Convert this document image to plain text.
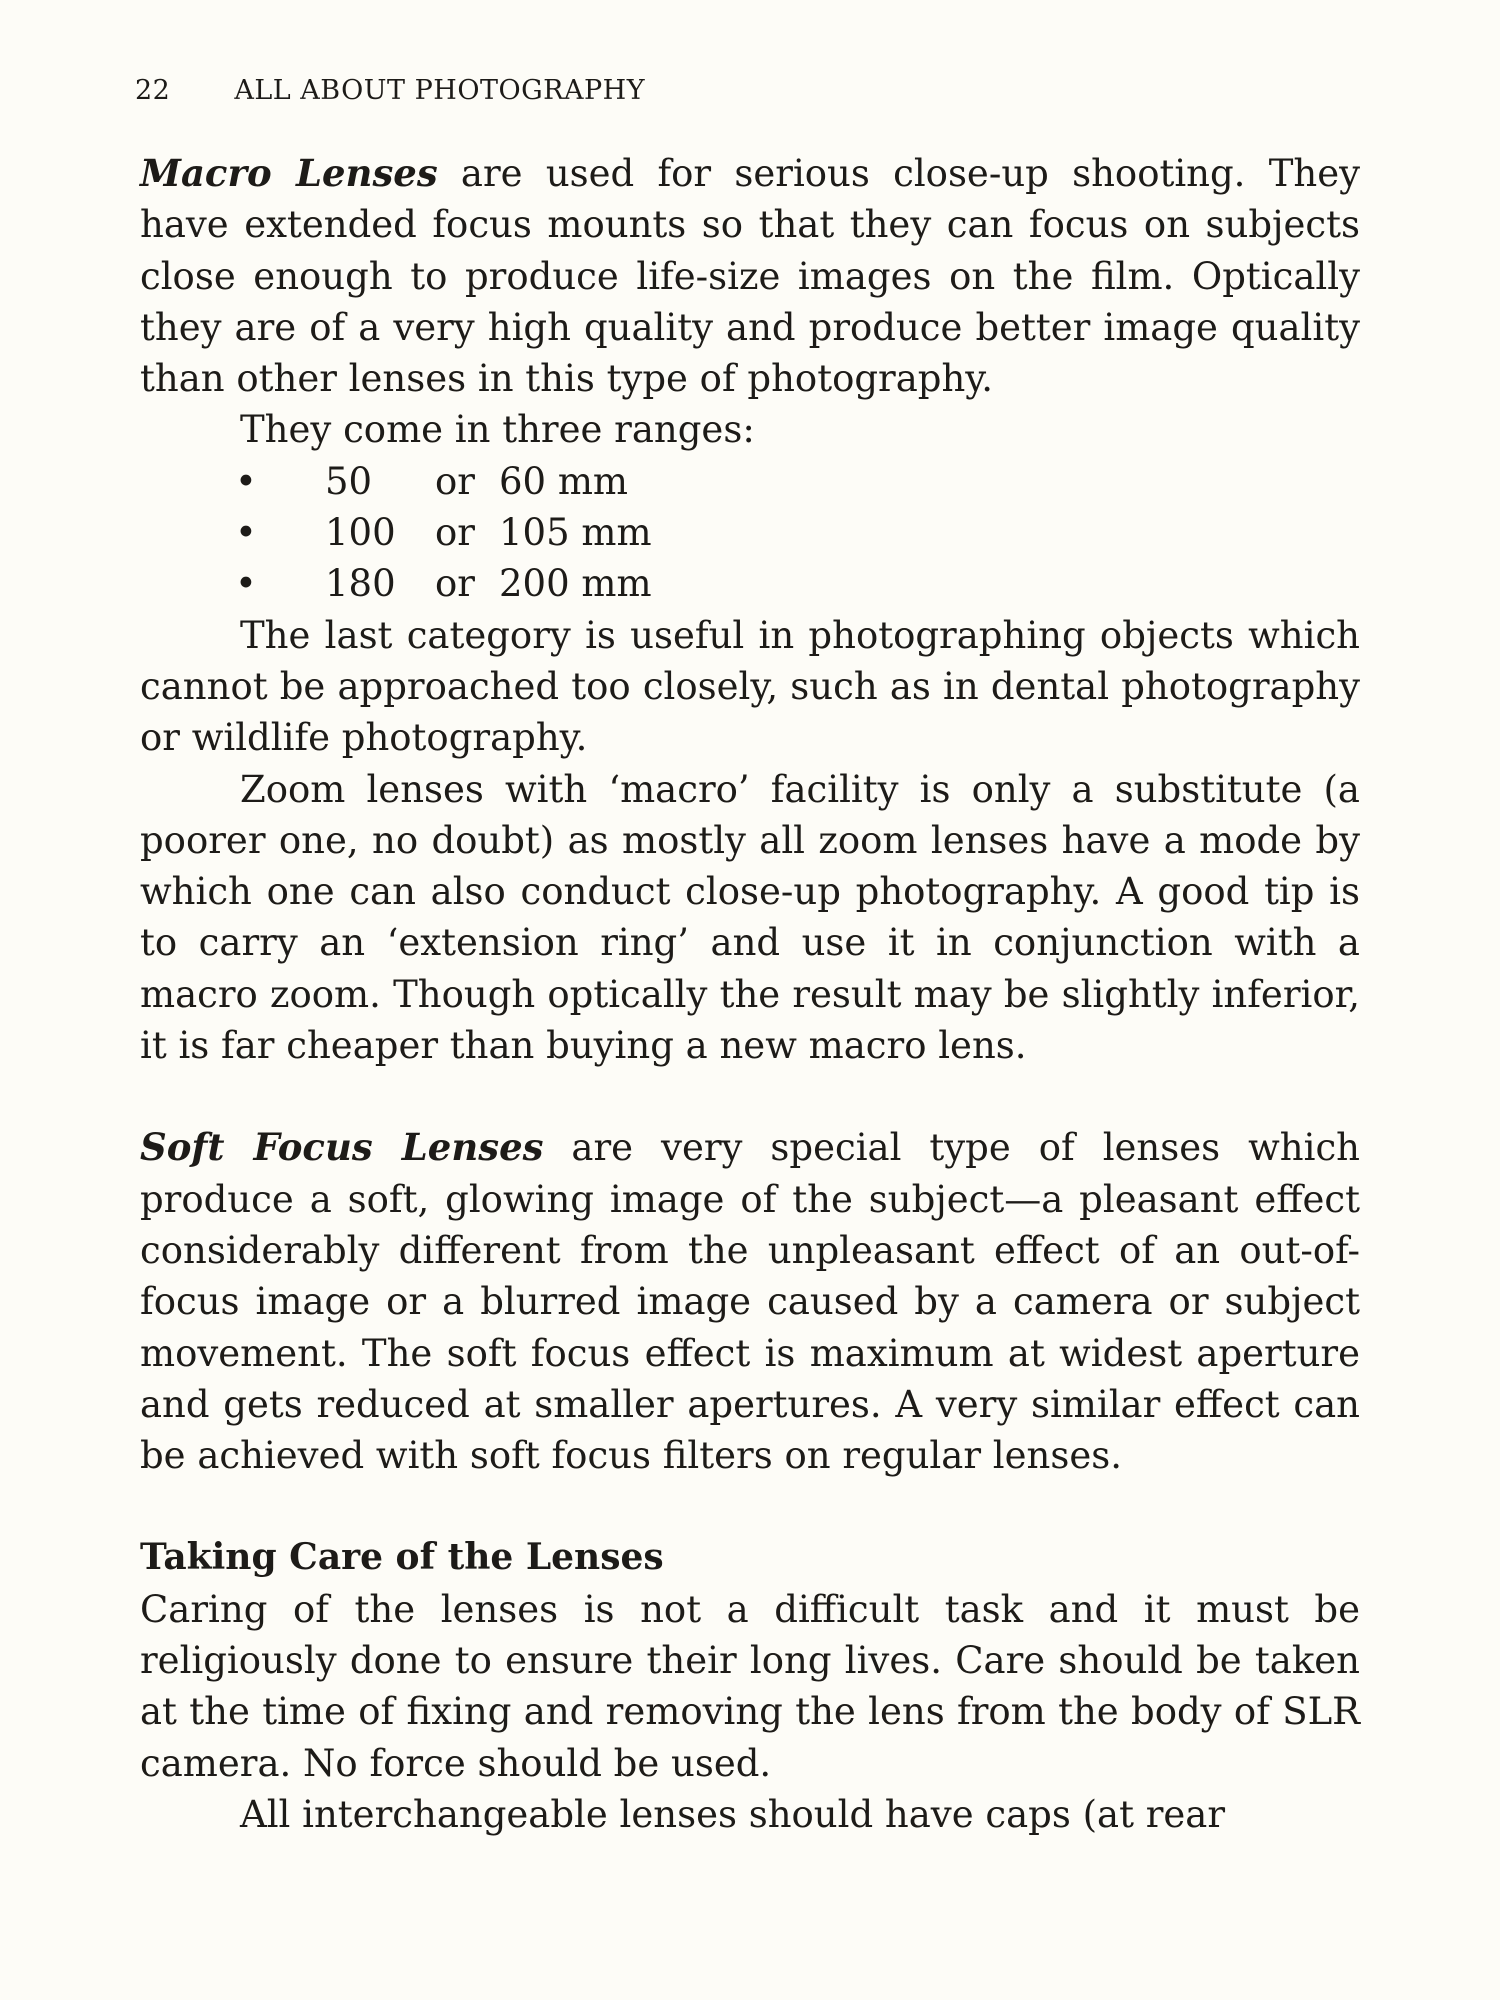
22 ALL ABOUT PHOTOGRAPHY

Macro Lenses are used for serious close-up shooting. They have extended focus mounts so that they can focus on subjects close enough to produce life-size images on the film. Optically they are of a very high quality and produce better image quality than other lenses in this type of photography.

They come in three ranges:

•	50	or 60 mm
•	100	or 105 mm
•	180	or 200 mm

The last category is useful in photographing objects which cannot be approached too closely, such as in dental photography or wildlife photography.

Zoom lenses with ‘macro’ facility is only a substitute (a poorer one, no doubt) as mostly all zoom lenses have a mode by which one can also conduct close-up photography. A good tip is to carry an ‘extension ring’ and use it in conjunction with a macro zoom. Though optically the result may be slightly inferior, it is far cheaper than buying a new macro lens.

Soft Focus Lenses are very special type of lenses which produce a soft, glowing image of the subject—a pleasant effect considerably different from the unpleasant effect of an out-of-focus image or a blurred image caused by a camera or subject movement. The soft focus effect is maximum at widest aperture and gets reduced at smaller apertures. A very similar effect can be achieved with soft focus filters on regular lenses.

Taking Care of the Lenses

Caring of the lenses is not a difficult task and it must be religiously done to ensure their long lives. Care should be taken at the time of fixing and removing the lens from the body of SLR camera. No force should be used.

All interchangeable lenses should have caps (at rear
